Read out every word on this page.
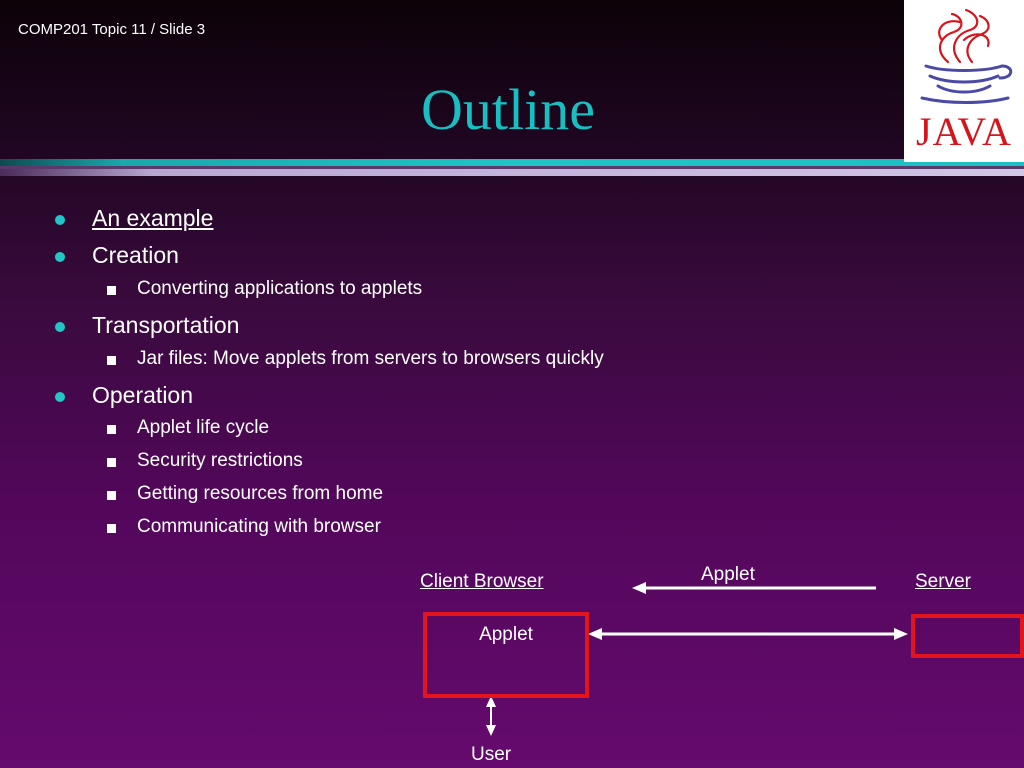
COMP201 Topic 11 / Slide 3
Outline	JAVA
An example
Creation
Converting applications to applets
Transportation
Jar files: Move applets from servers to browsers quickly
Operation
Applet life cycle
Security restrictions
Getting resources from home
Communicating with browser
Client Browser	Applet	Server
Applet
User
